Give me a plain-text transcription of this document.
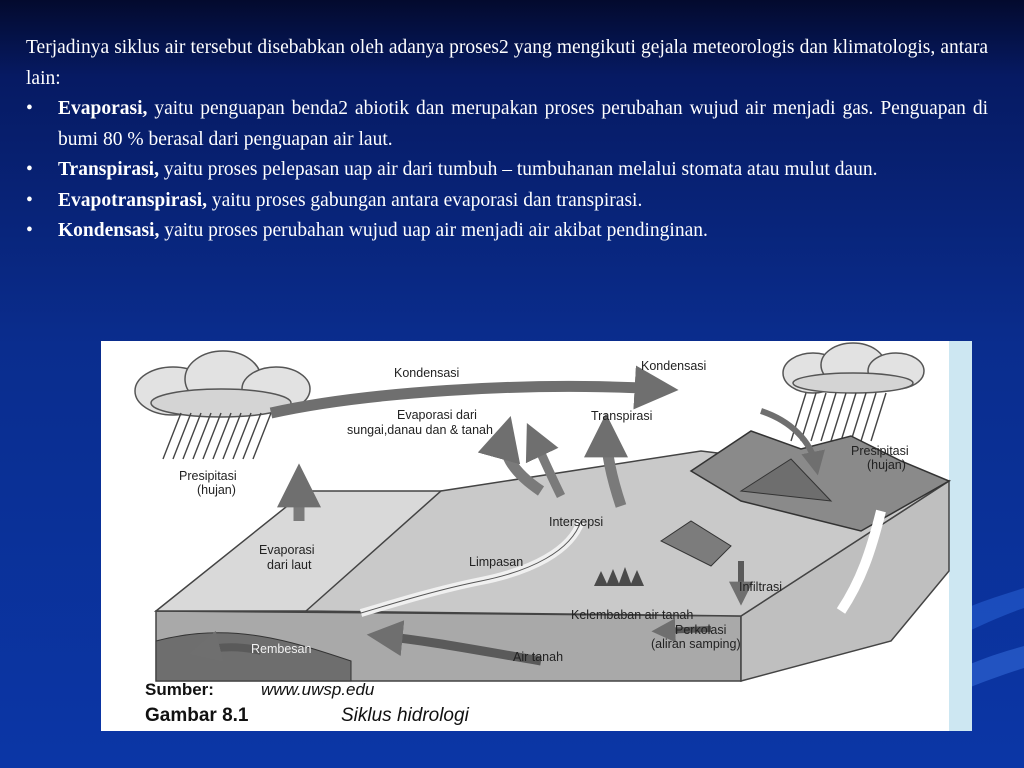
Terjadinya siklus air tersebut disebabkan oleh adanya proses2 yang mengikuti gejala meteorologis dan klimatologis, antara lain:

• Evaporasi, yaitu penguapan benda2 abiotik dan merupakan proses perubahan wujud air menjadi gas. Penguapan di bumi 80 % berasal dari penguapan air laut.
• Transpirasi, yaitu proses pelepasan uap air dari tumbuh – tumbuhanan melalui stomata atau mulut daun.
• Evapotranspirasi, yaitu proses gabungan antara evaporasi dan transpirasi.
• Kondensasi, yaitu proses perubahan wujud uap air menjadi air akibat pendinginan.
Kondensasi	Kondensasi
Evaporasi dari
sungai,danau dan & tanah
Transpirasi
Presipitasi
(hujan)
Presipitasi
(hujan)
Intersepsi
Evaporasi
dari laut	Limpasan
Infiltrasi
Kelembaban air tanah
Perkolasi
(aliran samping)
Rembesan
Air tanah
Sumber:	www.uwsp.edu
Gambar 8.1	Siklus hidrologi
